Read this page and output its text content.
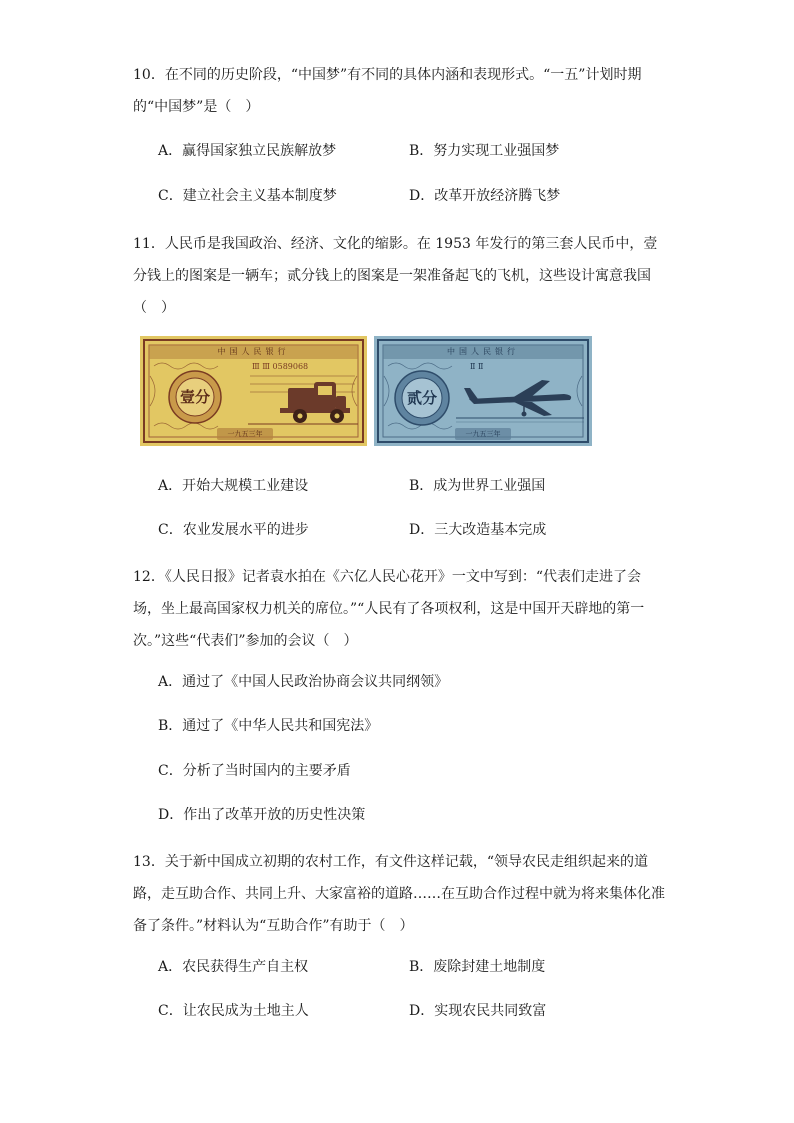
10．在不同的历史阶段，“中国梦”有不同的具体内涵和表现形式。“一五”计划时期的“中国梦”是（　）
A．赢得国家独立民族解放梦	B．努力实现工业强国梦
C．建立社会主义基本制度梦	D．改革开放经济腾飞梦
11．人民币是我国政治、经济、文化的缩影。在 1953 年发行的第三套人民币中，壹分钱上的图案是一辆车；贰分钱上的图案是一架准备起飞的飞机，这些设计寓意我国（　）
中国人民银行
Ⅲ Ⅲ 0589068
壹分
一九五三年
中国人民银行
Ⅱ Ⅱ
贰分
一九五三年
A．开始大规模工业建设	B．成为世界工业强国
C．农业发展水平的进步	D．三大改造基本完成
12．《人民日报》记者袁水拍在《六亿人民心花开》一文中写到：“代表们走进了会场，坐上最高国家权力机关的席位。”“人民有了各项权利，这是中国开天辟地的第一次。”这些“代表们”参加的会议（　）
A．通过了《中国人民政治协商会议共同纲领》
B．通过了《中华人民共和国宪法》
C．分析了当时国内的主要矛盾
D．作出了改革开放的历史性决策
13．关于新中国成立初期的农村工作，有文件这样记载，“领导农民走组织起来的道路，走互助合作、共同上升、大家富裕的道路……在互助合作过程中就为将来集体化准备了条件。”材料认为“互助合作”有助于（　）
A．农民获得生产自主权	B．废除封建土地制度
C．让农民成为土地主人	D．实现农民共同致富
